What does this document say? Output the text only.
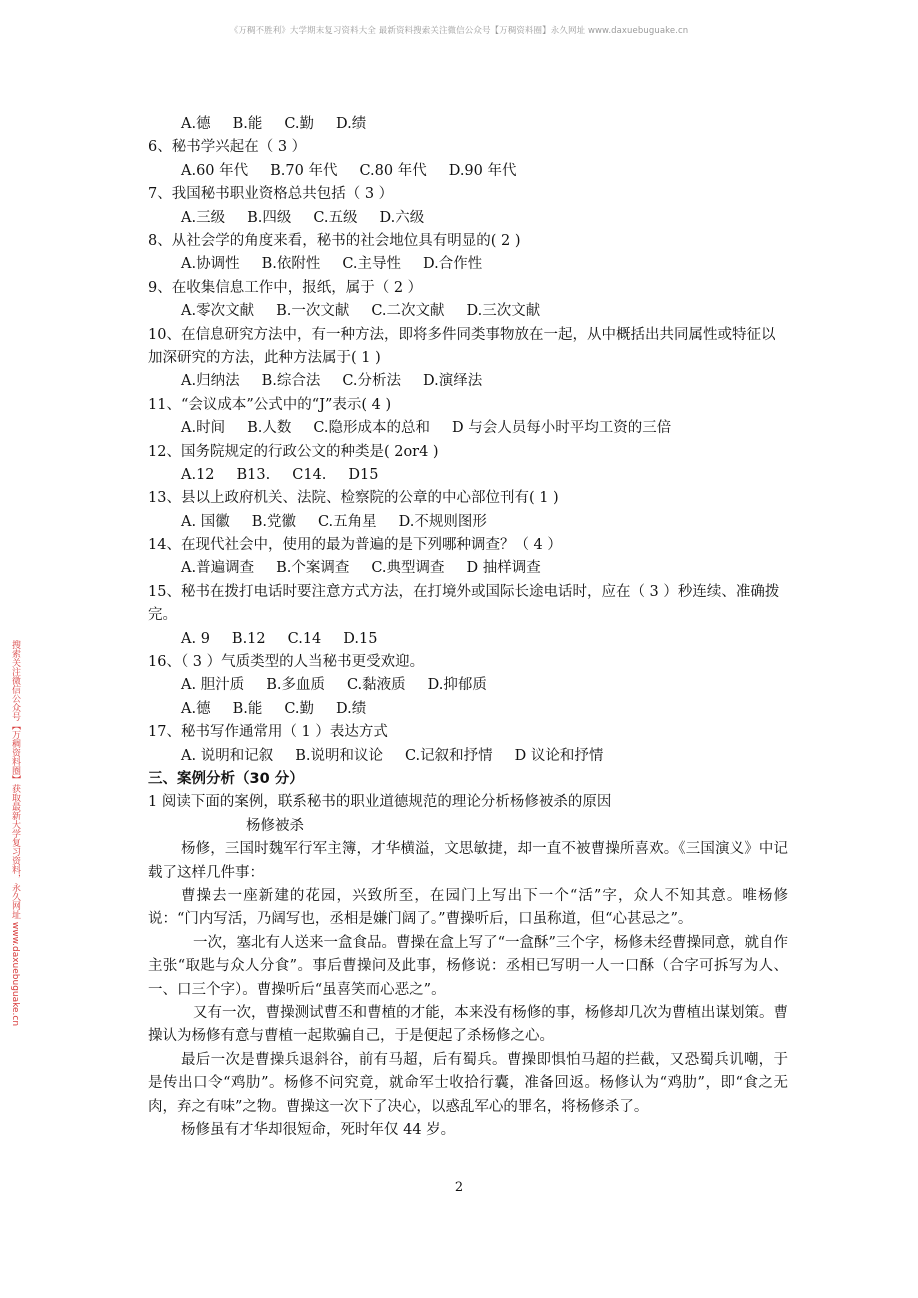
《万稠不胜利》大学期末复习资料大全 最新资料搜索关注微信公众号【万稠资料圈】永久网址 www.daxuebuguake.cn
搜索关注微信公众号【万稠资料圈】获取最新大学复习资料，永久网址 www.daxuebuguake.cn
A.德 B.能 C.勤 D.绩
6、秘书学兴起在（ 3 ）
A.60 年代 B.70 年代 C.80 年代 D.90 年代
7、我国秘书职业资格总共包括（ 3 ）
A.三级 B.四级 C.五级 D.六级
8、从社会学的角度来看，秘书的社会地位具有明显的( 2 )
A.协调性 B.依附性 C.主导性 D.合作性
9、在收集信息工作中，报纸，属于（ 2 ）
A.零次文献 B.一次文献 C.二次文献 D.三次文献
10、在信息研究方法中，有一种方法，即将多件同类事物放在一起，从中概括出共同属性或特征以加深研究的方法，此种方法属于( 1 )
A.归纳法 B.综合法 C.分析法 D.演绎法
11、“会议成本”公式中的“J”表示( 4 )
A.时间 B.人数 C.隐形成本的总和 D 与会人员每小时平均工资的三倍
12、国务院规定的行政公文的种类是( 2or4 )
A.12 B13. C14. D15
13、县以上政府机关、法院、检察院的公章的中心部位刊有( 1 )
A. 国徽 B.党徽 C.五角星 D.不规则图形
14、在现代社会中，使用的最为普遍的是下列哪种调查？（ 4 ）
A.普遍调查 B.个案调查 C.典型调查 D 抽样调查
15、秘书在拨打电话时要注意方式方法，在打境外或国际长途电话时，应在（ 3 ）秒连续、准确拨完。
A. 9 B.12 C.14 D.15
16、（ 3 ）气质类型的人当秘书更受欢迎。
A. 胆汁质 B.多血质 C.黏液质 D.抑郁质
A.德 B.能 C.勤 D.绩
17、秘书写作通常用（ 1 ）表达方式
A. 说明和记叙 B.说明和议论 C.记叙和抒情 D 议论和抒情
三、案例分析（30 分）
1 阅读下面的案例，联系秘书的职业道德规范的理论分析杨修被杀的原因
杨修被杀
杨修，三国时魏军行军主簿，才华横溢，文思敏捷，却一直不被曹操所喜欢。《三国演义》中记载了这样几件事：
曹操去一座新建的花园，兴致所至，在园门上写出下一个“活”字，众人不知其意。唯杨修说：“门内写活，乃阔写也，丞相是嫌门阔了。”曹操听后，口虽称道，但“心甚忌之”。
一次，塞北有人送来一盒食品。曹操在盒上写了“一盒酥”三个字，杨修未经曹操同意，就自作主张“取匙与众人分食”。事后曹操问及此事，杨修说：丞相已写明一人一口酥（合字可拆写为人、一、口三个字）。曹操听后“虽喜笑而心恶之”。
又有一次，曹操测试曹丕和曹植的才能，本来没有杨修的事，杨修却几次为曹植出谋划策。曹操认为杨修有意与曹植一起欺骗自己，于是便起了杀杨修之心。
最后一次是曹操兵退斜谷，前有马超，后有蜀兵。曹操即惧怕马超的拦截，又恐蜀兵讥嘲，于是传出口令“鸡肋”。杨修不问究竟，就命军士收拾行囊，准备回返。杨修认为“鸡肋”，即“食之无肉，弃之有味”之物。曹操这一次下了决心，以惑乱军心的罪名，将杨修杀了。
杨修虽有才华却很短命，死时年仅 44 岁。
2
